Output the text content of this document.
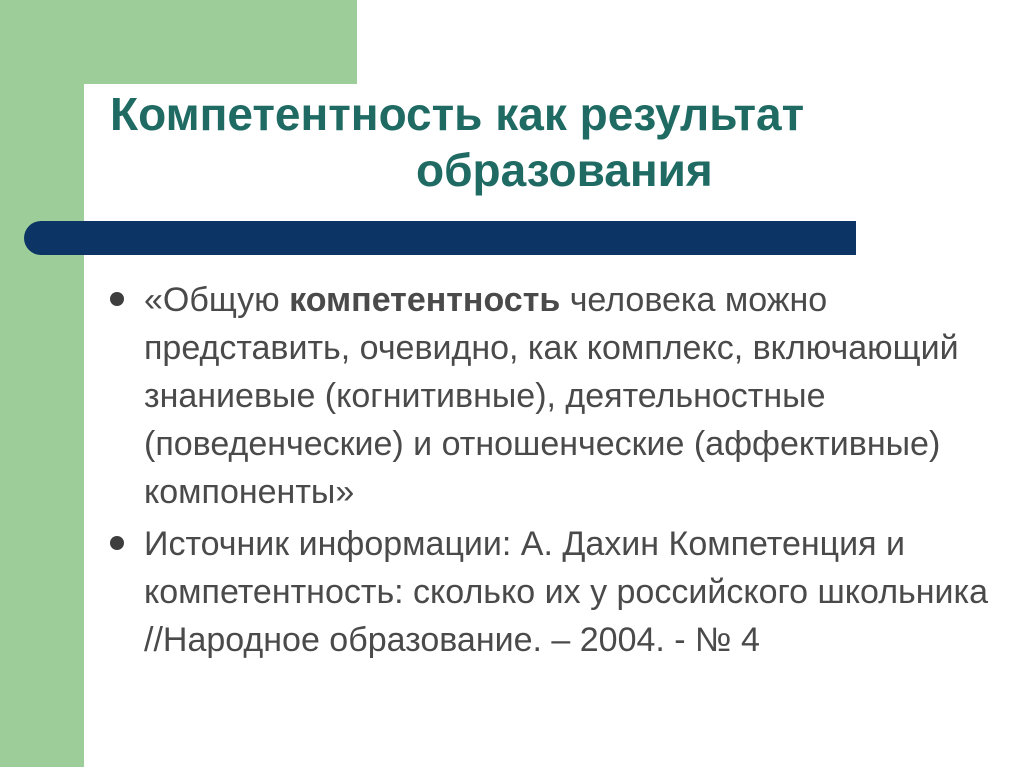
Компетентность как результат
образования
«Общую компетентность человека можно представить, очевидно, как комплекс, включающий знаниевые (когнитивные), деятельностные (поведенческие) и отношенческие (аффективные) компоненты»
Источник информации: А. Дахин Компетенция и компетентность: сколько их у российского школьника //Народное образование. – 2004. - № 4
